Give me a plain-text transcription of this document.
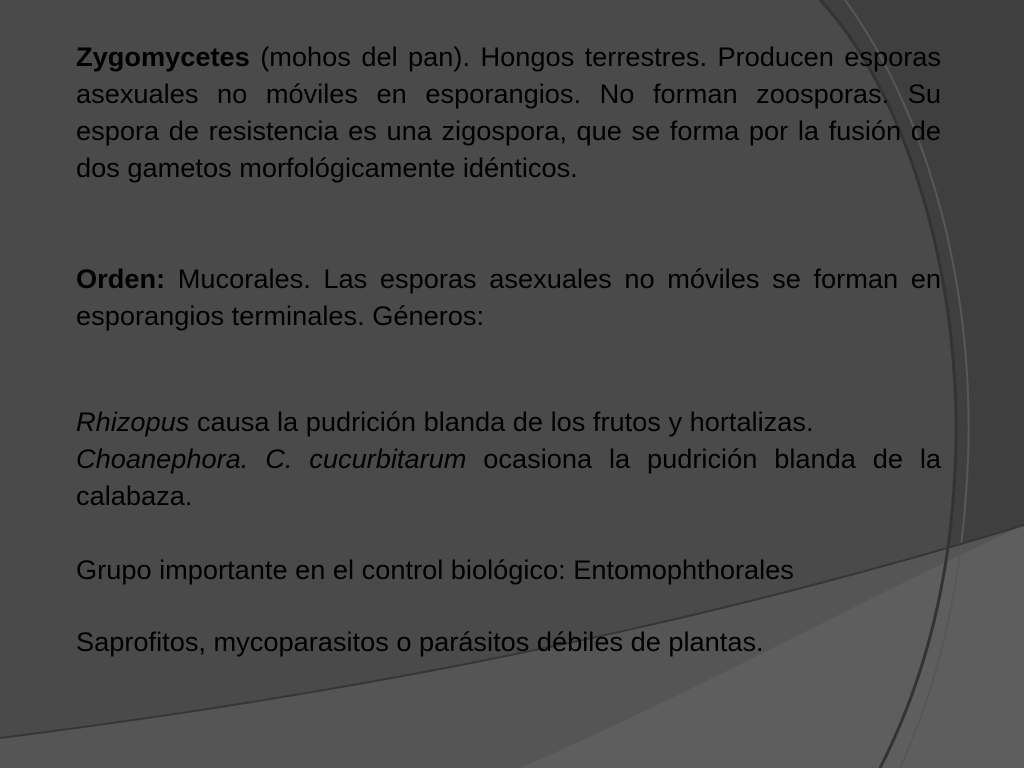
Zygomycetes (mohos del pan). Hongos terrestres. Producen esporas asexuales no móviles en esporangios. No forman zoosporas. Su espora de resistencia es una zigospora, que se forma por la fusión de dos gametos morfológicamente idénticos.

Orden: Mucorales. Las esporas asexuales no móviles se forman en esporangios terminales. Géneros:

Rhizopus causa la pudrición blanda de los frutos y hortalizas.

Choanephora. C. cucurbitarum ocasiona la pudrición blanda de la calabaza.

Grupo importante en el control biológico: Entomophthorales

Saprofitos, mycoparasitos o parásitos débiles de plantas.
